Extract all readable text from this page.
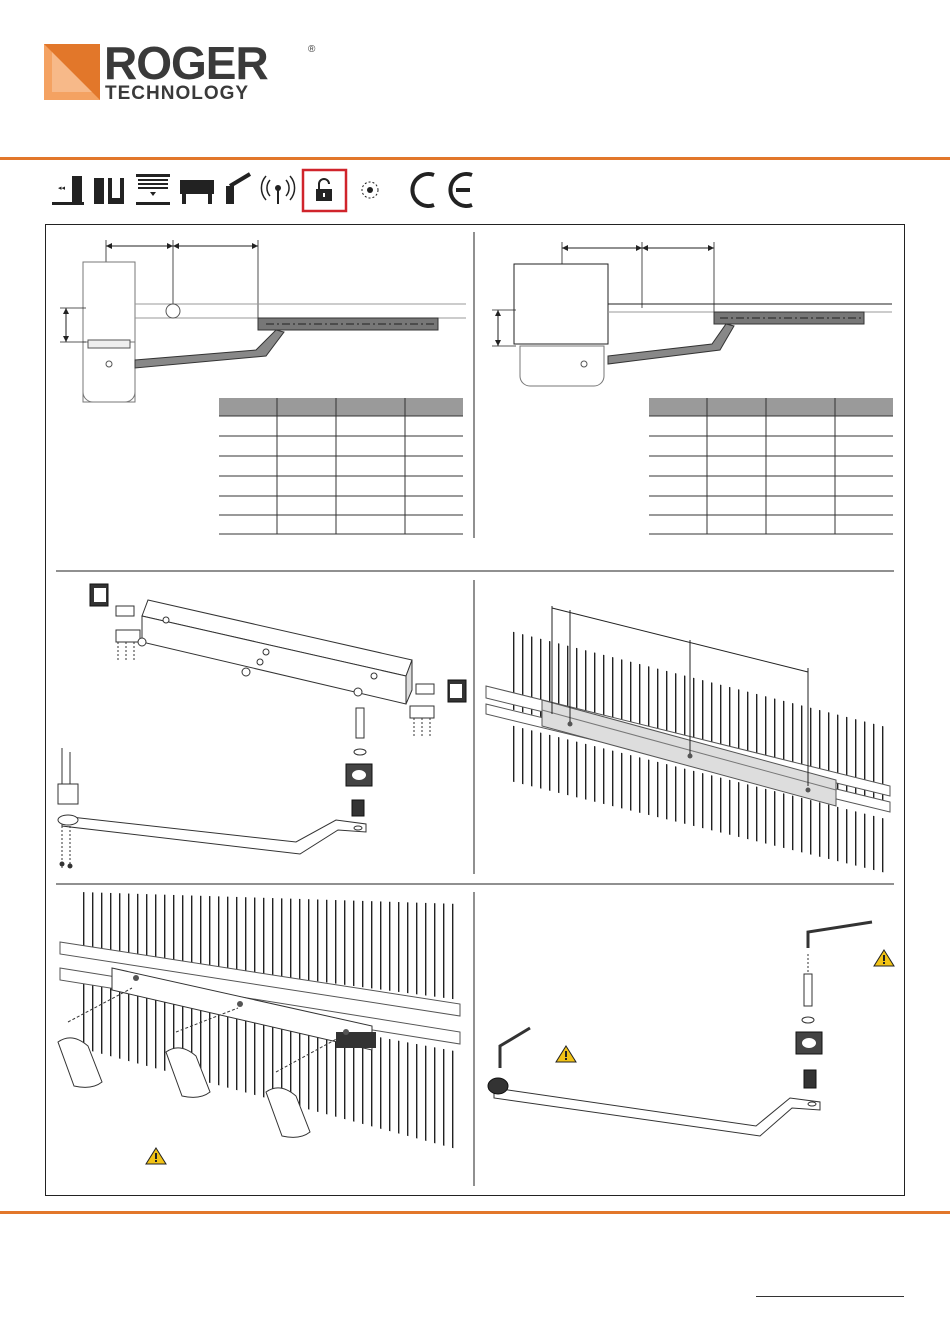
ROGER	®
TECHNOLOGY
◂◂
